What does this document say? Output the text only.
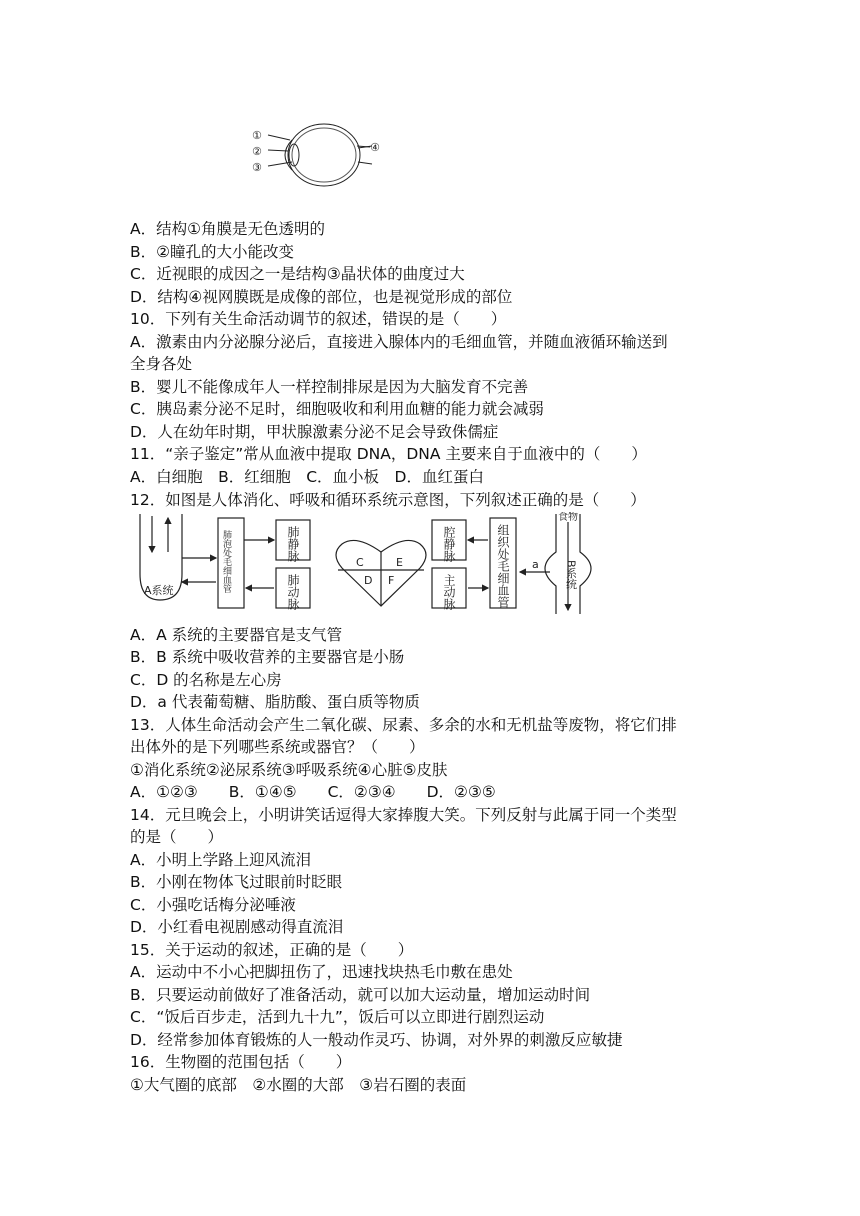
①
②
③
④
A．结构①角膜是无色透明的
B．②瞳孔的大小能改变
C．近视眼的成因之一是结构③晶状体的曲度过大
D．结构④视网膜既是成像的部位，也是视觉形成的部位
10．下列有关生命活动调节的叙述，错误的是（　　）
A．激素由内分泌腺分泌后，直接进入腺体内的毛细血管，并随血液循环输送到
全身各处
B．婴儿不能像成年人一样控制排尿是因为大脑发育不完善
C．胰岛素分泌不足时，细胞吸收和利用血糖的能力就会减弱
D．人在幼年时期，甲状腺激素分泌不足会导致侏儒症
11．“亲子鉴定”常从血液中提取 DNA，DNA 主要来自于血液中的（　　）
A．白细胞　B．红细胞　C．血小板　D．血红蛋白
12．如图是人体消化、呼吸和循环系统示意图，下列叙述正确的是（　　）
A系统	肺泡处毛细血管	肺静脉
肺动脉
C	E
D F
腔静脉
主动脉	组织处毛细血管
食物
B系统
a
A．A 系统的主要器官是支气管
B．B 系统中吸收营养的主要器官是小肠
C．D 的名称是左心房
D．a 代表葡萄糖、脂肪酸、蛋白质等物质
13．人体生命活动会产生二氧化碳、尿素、多余的水和无机盐等废物，将它们排
出体外的是下列哪些系统或器官？（　　）
①消化系统②泌尿系统③呼吸系统④心脏⑤皮肤
A．①②③　　B．①④⑤　　C．②③④　　D．②③⑤
14．元旦晚会上，小明讲笑话逗得大家捧腹大笑。下列反射与此属于同一个类型
的是（　　）
A．小明上学路上迎风流泪
B．小刚在物体飞过眼前时眨眼
C．小强吃话梅分泌唾液
D．小红看电视剧感动得直流泪
15．关于运动的叙述，正确的是（　　）
A．运动中不小心把脚扭伤了，迅速找块热毛巾敷在患处
B．只要运动前做好了准备活动，就可以加大运动量，增加运动时间
C．“饭后百步走，活到九十九”，饭后可以立即进行剧烈运动
D．经常参加体育锻炼的人一般动作灵巧、协调，对外界的刺激反应敏捷
16．生物圈的范围包括（　　）
①大气圈的底部　②水圈的大部　③岩石圈的表面
